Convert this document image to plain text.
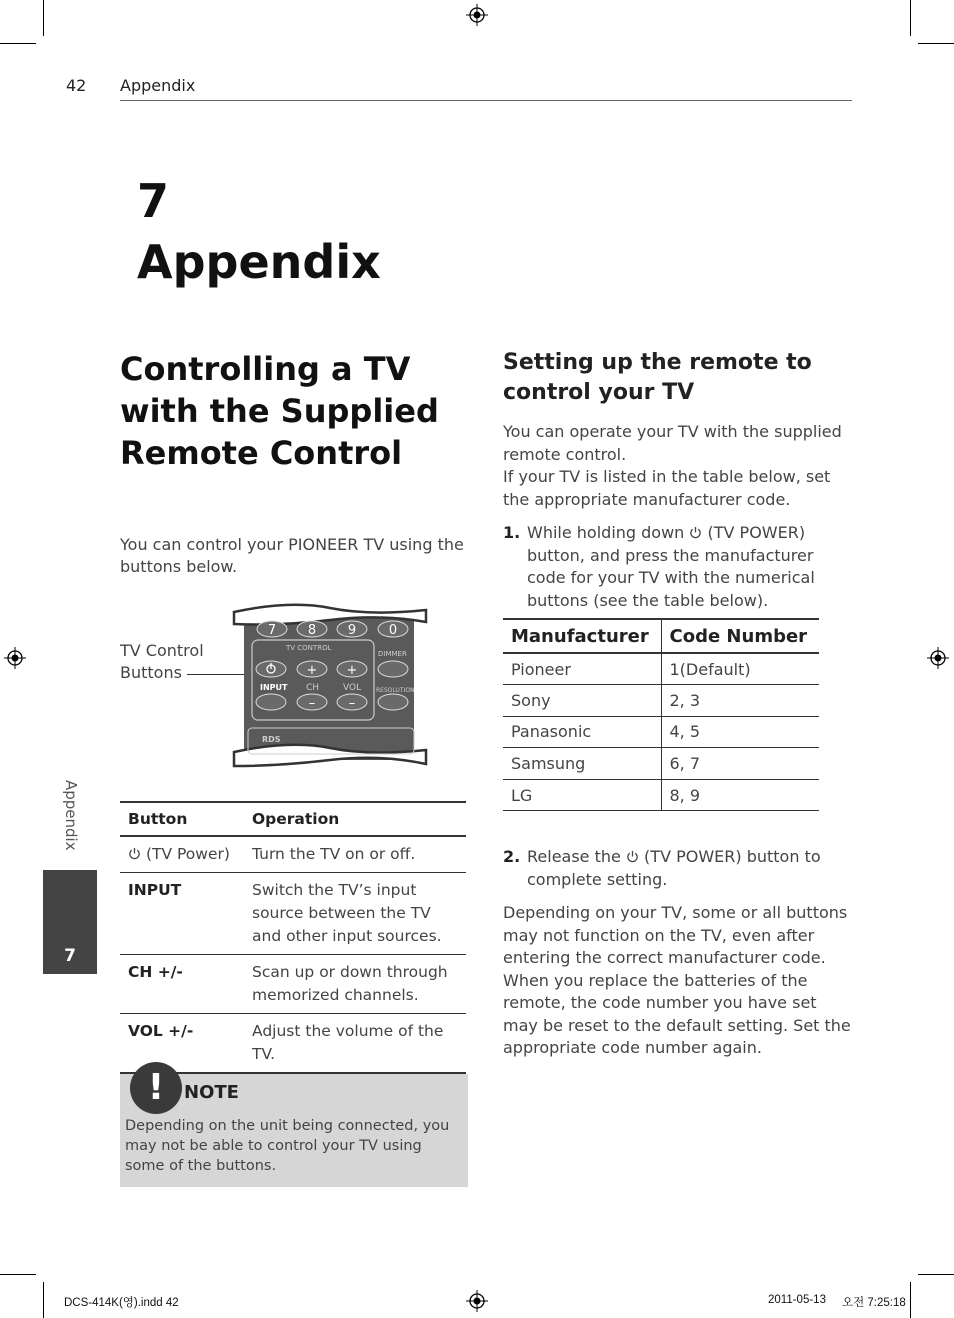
42 Appendix
7
Appendix
Controlling a TV with the Supplied Remote Control
You can control your PIONEER TV using the buttons below.
TV Control Buttons
7 8 9	0
TV CONTROL
DIMMER
+ +
INPUT CH	VOL RESOLUTION
–	–
RDS
Button	Operation
(TV Power)	Turn the TV on or off.
INPUT	Switch the TV’s input source between the TV and other input sources.
CH +/-	Scan up or down through memorized channels.
VOL +/-	Adjust the volume of the TV.
!	NOTE
Depending on the unit being connected, you may not be able to control your TV using some of the buttons.
Appendix
7
Setting up the remote to control your TV
You can operate your TV with the supplied remote control.
If your TV is listed in the table below, set the appropriate manufacturer code.
1. While holding down (TV POWER) button, and press the manufacturer code for your TV with the numerical buttons (see the table below).
Manufacturer	Code Number
Pioneer	1(Default)
Sony	2, 3
Panasonic	4, 5
Samsung	6, 7
LG	8, 9
2. Release the (TV POWER) button to complete setting.
Depending on your TV, some or all buttons may not function on the TV, even after entering the correct manufacturer code. When you replace the batteries of the remote, the code number you have set may be reset to the default setting. Set the appropriate code number again.
DCS-414K(영).indd 42	2011-05-13 오전 7:25:18
